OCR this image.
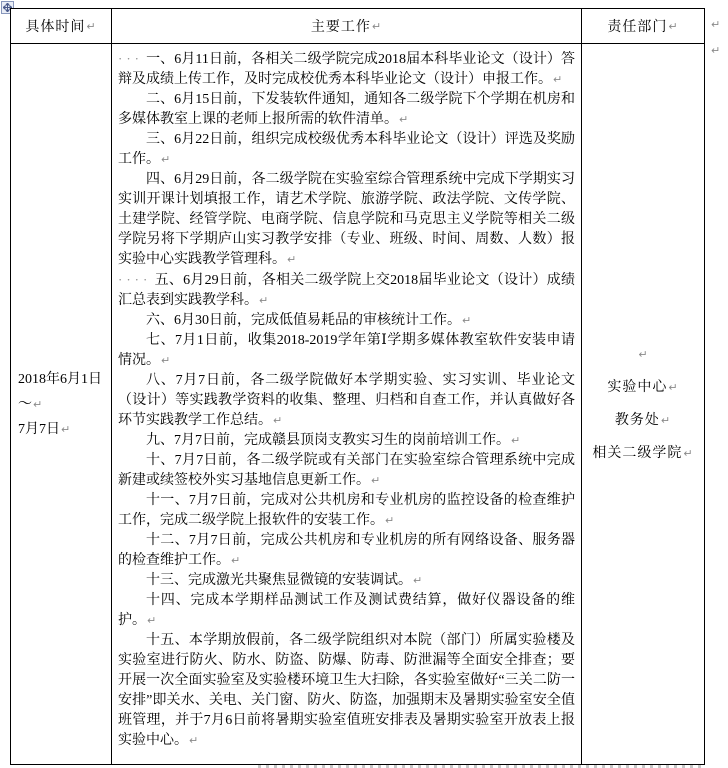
具体时间 ↵	主要工作 ↵	责任部门 ↵

2018年6月1日～↵

7月7日↵

··· 一、6月11日前，各相关二级学院完成2018届本科毕业论文（设计）答辩及成绩上传工作，及时完成校优秀本科毕业论文（设计）申报工作。↵

二、6月15日前，下发装软件通知，通知各二级学院下个学期在机房和多媒体教室上课的老师上报所需的软件清单。↵

三、6月22日前，组织完成校级优秀本科毕业论文（设计）评选及奖励工作。↵

四、6月29日前，各二级学院在实验室综合管理系统中完成下学期实习实训开课计划填报工作，请艺术学院、旅游学院、政法学院、文传学院、土建学院、经管学院、电商学院、信息学院和马克思主义学院等相关二级学院另将下学期庐山实习教学安排（专业、班级、时间、周数、人数）报实验中心实践教学管理科。↵

···· 五、6月29日前，各相关二级学院上交2018届毕业论文（设计）成绩汇总表到实践教学科。↵

六、6月30日前，完成低值易耗品的审核统计工作。↵

七、7月1日前，收集2018-2019学年第Ⅰ学期多媒体教室软件安装申请情况。↵

八、7月7日前，各二级学院做好本学期实验、实习实训、毕业论文（设计）等实践教学资料的收集、整理、归档和自查工作，并认真做好各环节实践教学工作总结。↵

九、7月7日前，完成赣县顶岗支教实习生的岗前培训工作。↵

十、7月7日前，各二级学院或有关部门在实验室综合管理系统中完成新建或续签校外实习基地信息更新工作。↵

十一、7月7日前，完成对公共机房和专业机房的监控设备的检查维护工作，完成二级学院上报软件的安装工作。↵

十二、7月7日前，完成公共机房和专业机房的所有网络设备、服务器的检查维护工作。↵

十三、完成激光共聚焦显微镜的安装调试。↵

十四、完成本学期样品测试工作及测试费结算，做好仪器设备的维护。↵

十五、本学期放假前，各二级学院组织对本院（部门）所属实验楼及实验室进行防火、防水、防盗、防爆、防毒、防泄漏等全面安全排查；要开展一次全面实验室及实验楼环境卫生大扫除，各实验室做好“三关二防一安排”即关水、关电、关门窗、防火、防盗，加强期末及暑期实验室安全值班管理，并于7月6日前将暑期实验室值班安排表及暑期实验室开放表上报实验中心。↵

↵

实验中心↵

教务处↵

相关二级学院↵

↵
↵
